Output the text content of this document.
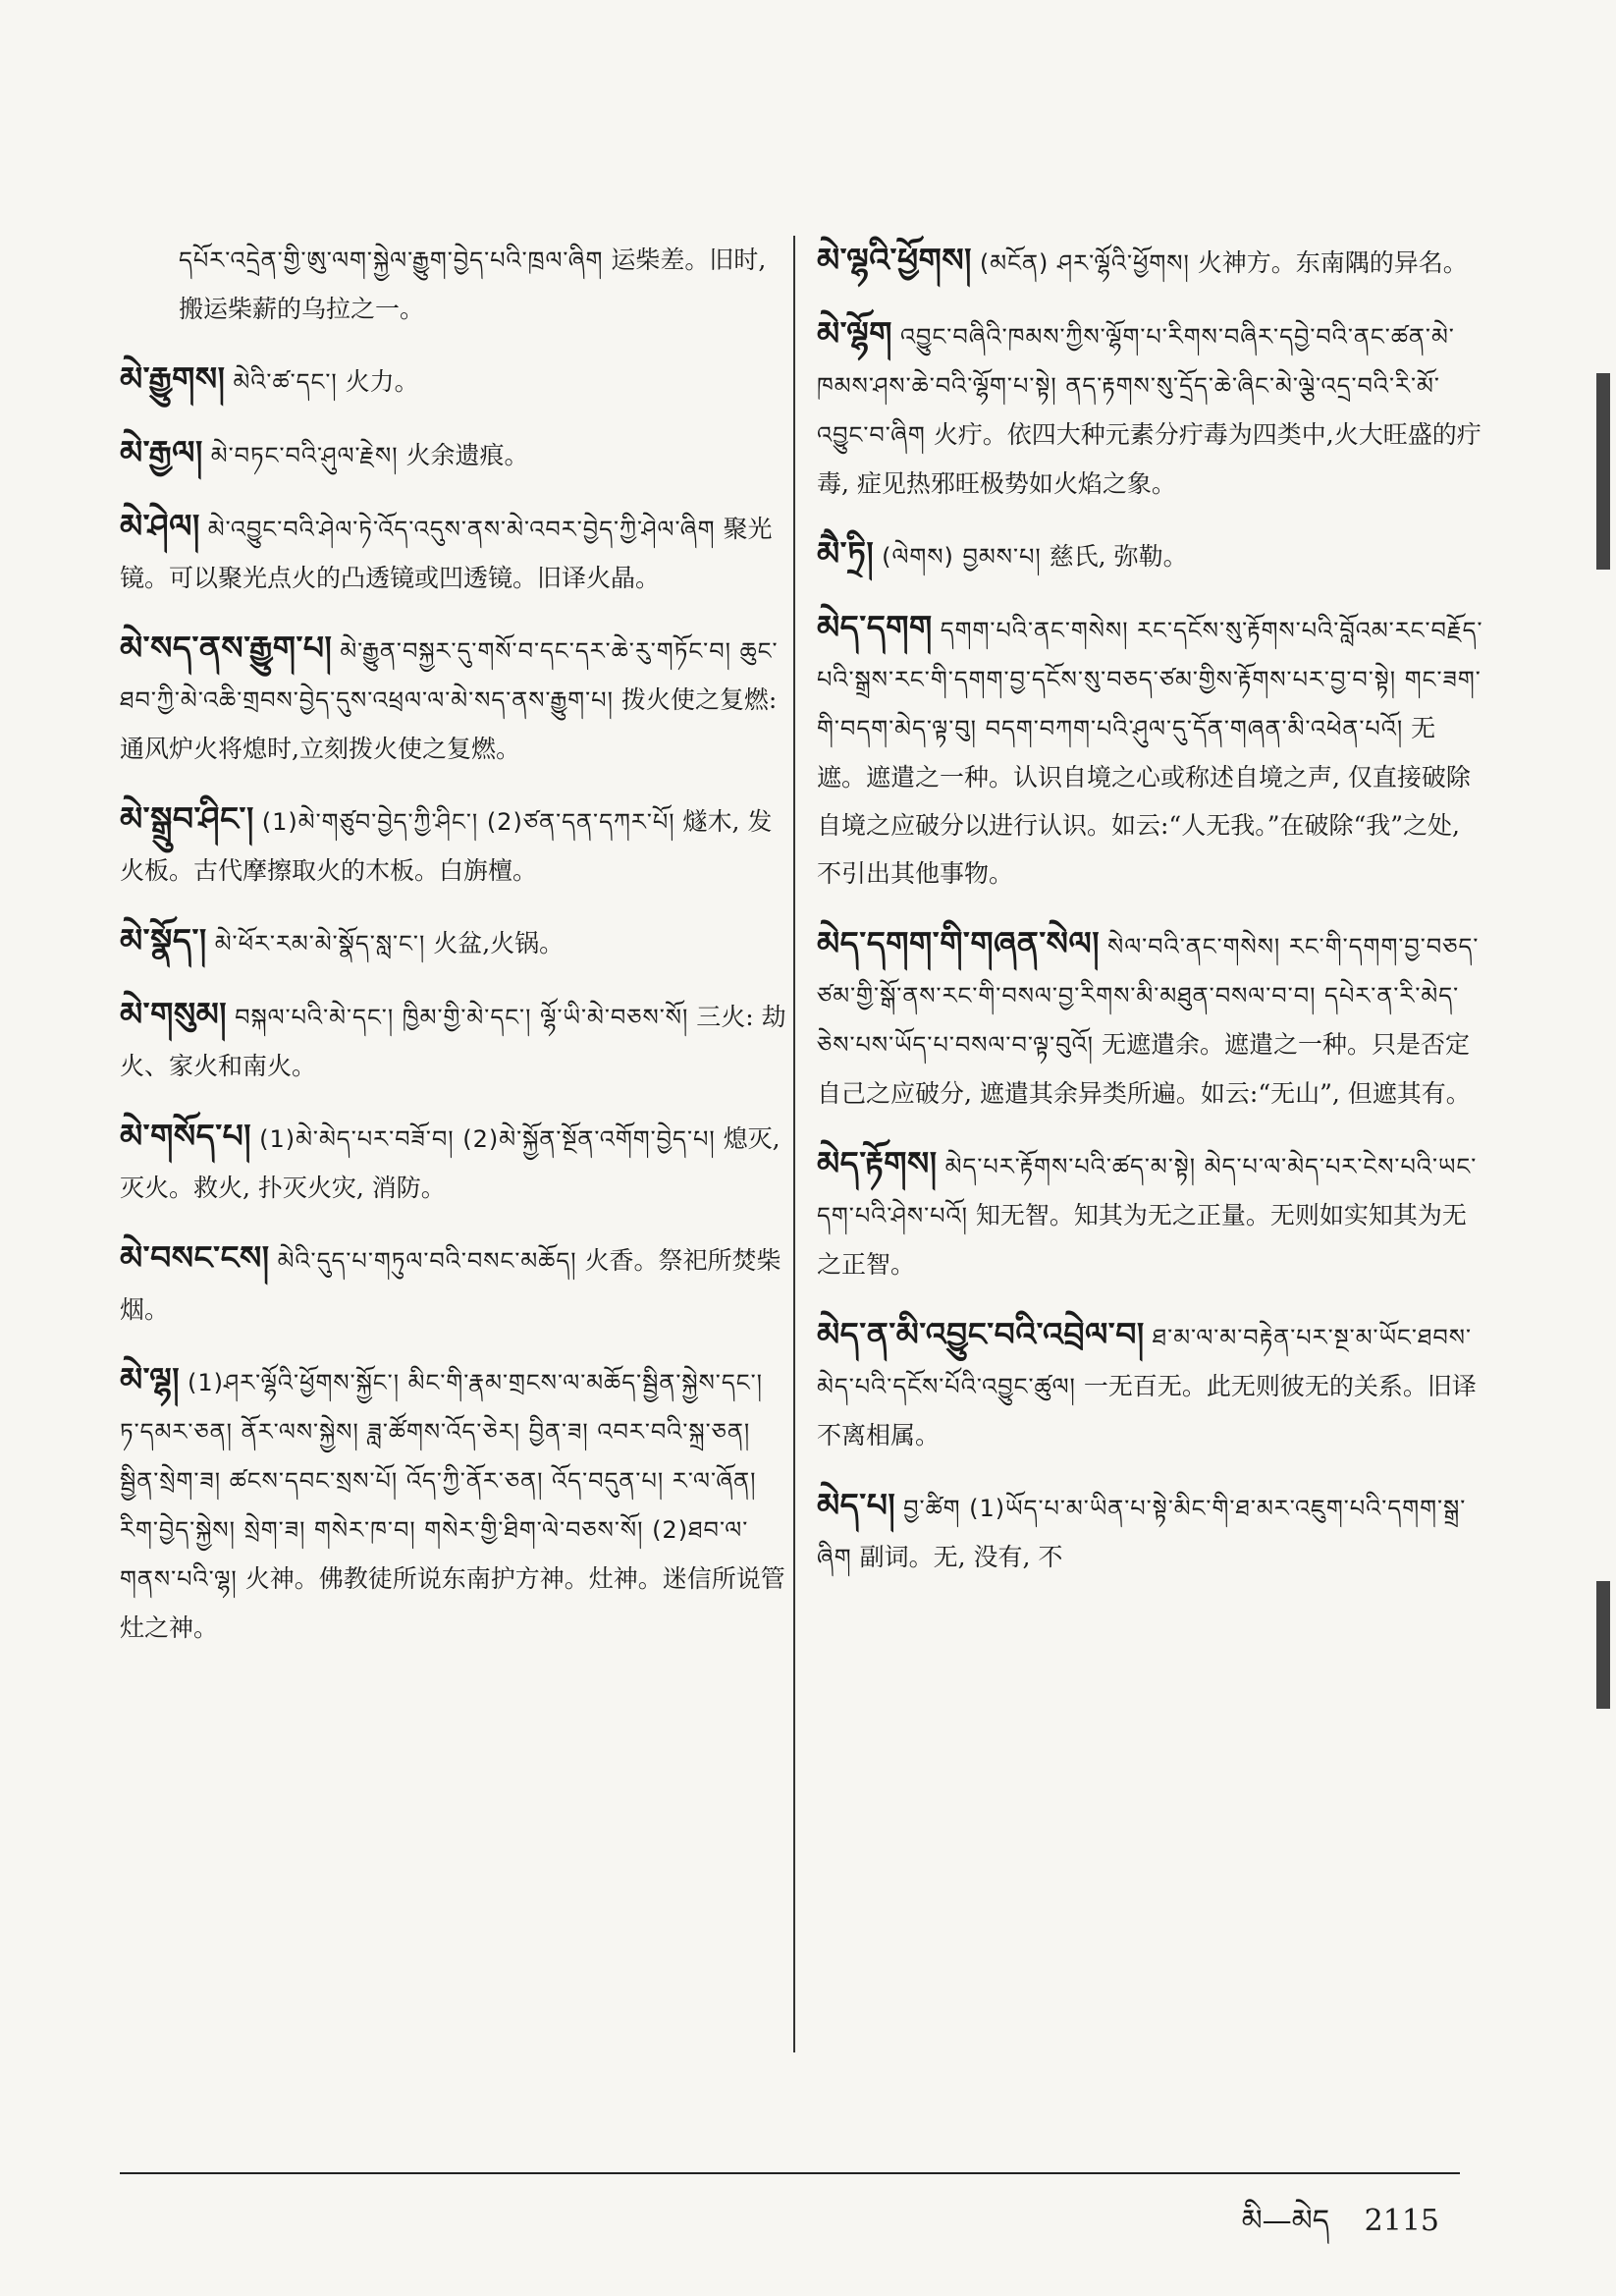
དཔོར་འདྲེན་གྱི་ཨུ་ལག་སྐྱེལ་རྒྱུག་བྱེད་པའི་ཁྲལ་ཞིག 运柴差。旧时,搬运柴薪的乌拉之一。
མེ་རྒྱུགས། མེའི་ཚ་དང་། 火力。
མེ་རྒྱལ། མེ་བཏང་བའི་ཤུལ་རྗེས། 火余遗痕。
མེ་ཤེལ། མེ་འབྱུང་བའི་ཤེལ་ཏེ་འོད་འདུས་ནས་མེ་འབར་བྱེད་ཀྱི་ཤེལ་ཞིག 聚光镜。可以聚光点火的凸透镜或凹透镜。旧译火晶。
མེ་སད་ནས་རྒྱུག་པ། མེ་རྒྱུན་བསྐྱར་དུ་གསོ་བ་དང་དར་ཆེ་རུ་གཏོང་བ། ཆུང་ཐབ་ཀྱི་མེ་འཆི་གྲབས་བྱེད་དུས་འཕྲལ་ལ་མེ་སད་ནས་རྒྱུག་པ། 拨火使之复燃: 通风炉火将熄时,立刻拨火使之复燃。
མེ་སྒྲུབ་ཤིང་། (1)མེ་གཙུབ་བྱེད་ཀྱི་ཤིང་། (2)ཙན་དན་དཀར་པོ། 燧木, 发火板。古代摩擦取火的木板。白旃檀。
མེ་སྣོད་། མེ་ཕོར་རམ་མེ་སྣོད་སླ་ང་། 火盆,火锅。
མེ་གསུམ། བསྐལ་པའི་མེ་དང་། ཁྱིམ་གྱི་མེ་དང་། ལྷོ་ཡི་མེ་བཅས་སོ། 三火: 劫火、家火和南火。
མེ་གསོད་པ། (1)མེ་མེད་པར་བཟོ་བ། (2)མེ་སྐྱོན་སྔོན་འགོག་བྱེད་པ། 熄灭, 灭火。救火, 扑灭火灾, 消防。
མེ་བསང་ངས། མེའི་དུད་པ་གཏུལ་བའི་བསང་མཆོད། 火香。祭祀所焚柴烟。
མེ་ལྷ། (1)ཤར་ལྷོའི་ཕྱོགས་སྐྱོང་། མིང་གི་རྣམ་གྲངས་ལ་མཆོད་སྦྱིན་སྐྱེས་དང་། ཏ་དམར་ཅན། ནོར་ལས་སྐྱེས། ཟླ་ཚོགས་འོད་ཅེར། བྱིན་ཟ། འབར་བའི་སྐྲ་ཅན། སྦྱིན་སྲེག་ཟ། ཚངས་དབང་སྲས་པོ། འོད་ཀྱི་ནོར་ཅན། འོད་བདུན་པ། ར་ལ་ཞོན། རིག་བྱེད་སྐྱེས། སྲེག་ཟ། གསེར་ཁ་བ། གསེར་གྱི་ཐིག་ལེ་བཅས་སོ། (2)ཐབ་ལ་གནས་པའི་ལྷ། 火神。佛教徒所说东南护方神。灶神。迷信所说管灶之神。
མེ་ལྷའི་ཕྱོགས། (མངོན) ཤར་ལྷོའི་ཕྱོགས། 火神方。东南隅的异名。
མེ་ལྷོག འབྱུང་བཞིའི་ཁམས་ཀྱིས་ལྷོག་པ་རིགས་བཞིར་དབྱེ་བའི་ནང་ཚན་མེ་ཁམས་ཤས་ཆེ་བའི་ལྷོག་པ་སྟེ། ནད་རྟགས་སུ་དྲོད་ཆེ་ཞིང་མེ་ལྕེ་འདྲ་བའི་རི་མོ་འབྱུང་བ་ཞིག 火疔。依四大种元素分疔毒为四类中,火大旺盛的疔毒, 症见热邪旺极势如火焰之象。
མཻ་ཏྲི། (ལེགས) བྱམས་པ། 慈氏, 弥勒。
མེད་དགག དགག་པའི་ནང་གསེས། རང་དངོས་སུ་རྟོགས་པའི་བློའམ་རང་བརྗོད་པའི་སྒྲས་རང་གི་དགག་བྱ་དངོས་སུ་བཅད་ཙམ་གྱིས་རྟོགས་པར་བྱ་བ་སྟེ། གང་ཟག་གི་བདག་མེད་ལྟ་བུ། བདག་བཀག་པའི་ཤུལ་དུ་དོན་གཞན་མི་འཕེན་པའོ། 无遮。遮遣之一种。认识自境之心或称述自境之声, 仅直接破除自境之应破分以进行认识。如云:“人无我。”在破除“我”之处, 不引出其他事物。
མེད་དགག་གི་གཞན་སེལ། སེལ་བའི་ནང་གསེས། རང་གི་དགག་བྱ་བཅད་ཙམ་གྱི་སྒོ་ནས་རང་གི་བསལ་བྱ་རིགས་མི་མཐུན་བསལ་བ་བ། དཔེར་ན་རི་མེད་ཅེས་པས་ཡོད་པ་བསལ་བ་ལྟ་བུའོ། 无遮遣余。遮遣之一种。只是否定自己之应破分, 遮遣其余异类所遍。如云:“无山”, 但遮其有。
མེད་རྟོགས། མེད་པར་རྟོགས་པའི་ཚད་མ་སྟེ། མེད་པ་ལ་མེད་པར་ངེས་པའི་ཡང་དག་པའི་ཤེས་པའོ། 知无智。知其为无之正量。无则如实知其为无之正智。
མེད་ན་མི་འབྱུང་བའི་འབྲེལ་བ། ཐ་མ་ལ་མ་བརྟེན་པར་སྔ་མ་ཡོང་ཐབས་མེད་པའི་དངོས་པོའི་འབྱུང་ཚུལ། 一无百无。此无则彼无的关系。旧译不离相属。
མེད་པ། བྱ་ཚིག (1)ཡོད་པ་མ་ཡིན་པ་སྟེ་མིང་གི་ཐ་མར་འཇུག་པའི་དགག་སྒྲ་ཞིག 副词。无, 没有, 不
མི—མེད 2115
